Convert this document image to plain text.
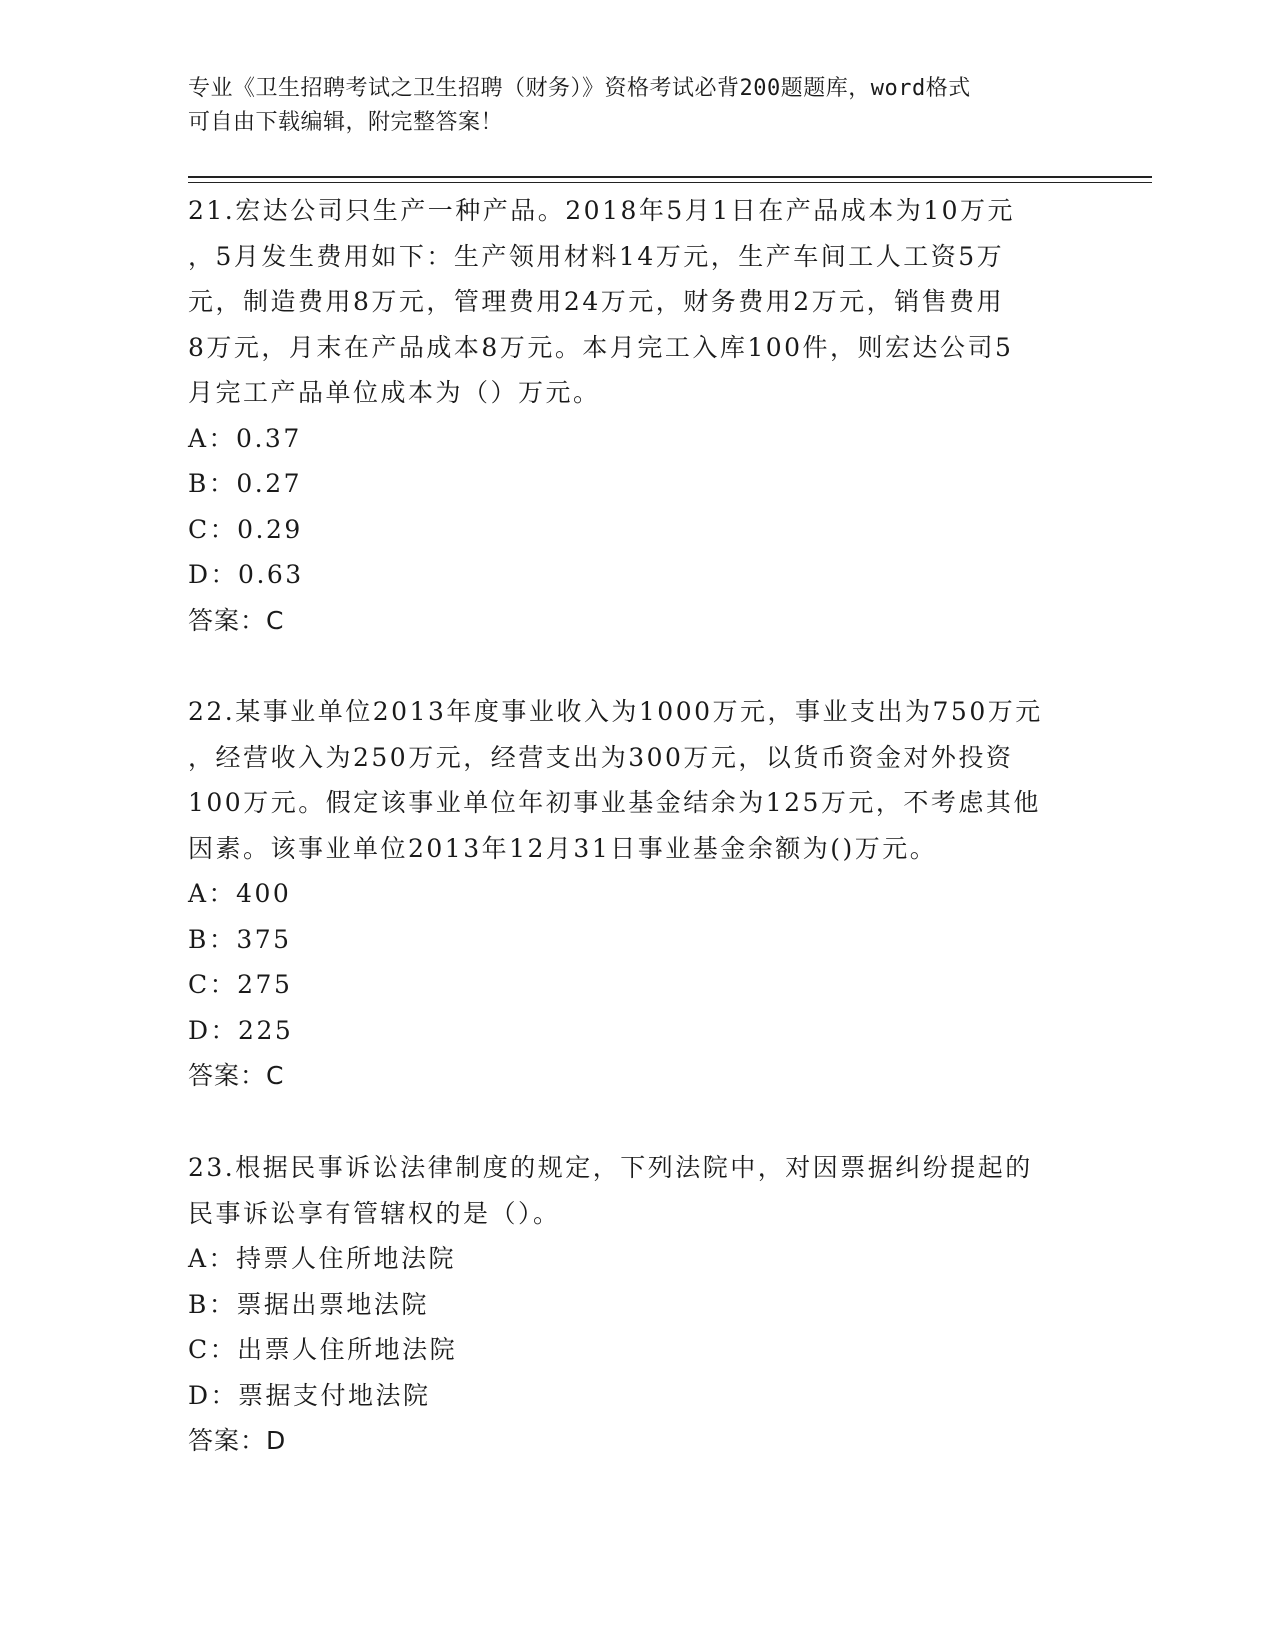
专业《卫生招聘考试之卫生招聘（财务）》资格考试必背200题题库，word格式
可自由下载编辑，附完整答案！
21.宏达公司只生产一种产品。2018年5月1日在产品成本为10万元
，5月发生费用如下：生产领用材料14万元，生产车间工人工资5万
元，制造费用8万元，管理费用24万元，财务费用2万元，销售费用
8万元，月末在产品成本8万元。本月完工入库100件，则宏达公司5
月完工产品单位成本为（）万元。
A：0.37
B：0.27
C：0.29
D：0.63
答案：C
22.某事业单位2013年度事业收入为1000万元，事业支出为750万元
，经营收入为250万元，经营支出为300万元，以货币资金对外投资
100万元。假定该事业单位年初事业基金结余为125万元，不考虑其他
因素。该事业单位2013年12月31日事业基金余额为()万元。
A：400
B：375
C：275
D：225
答案：C
23.根据民事诉讼法律制度的规定，下列法院中，对因票据纠纷提起的
民事诉讼享有管辖权的是（）。
A：持票人住所地法院
B：票据出票地法院
C：出票人住所地法院
D：票据支付地法院
答案：D
